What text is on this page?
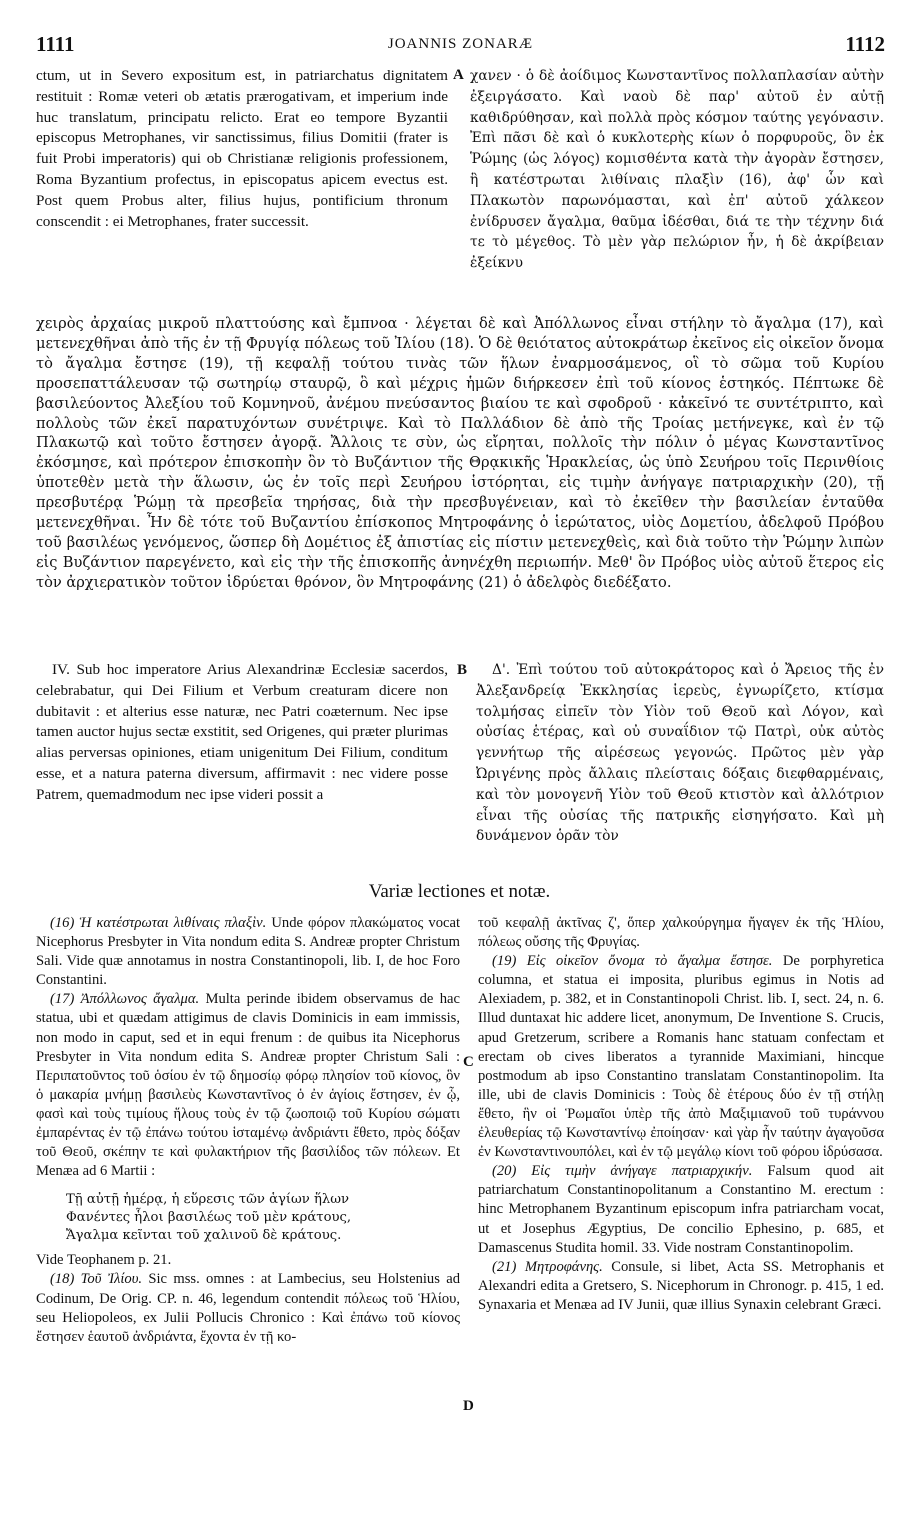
1111	JOANNIS ZONARÆ	1112

ctum, ut in Severo expositum est, in patriarchatus dignitatem restituit : Romæ veteri ob ætatis prærogativam, et imperium inde huc translatum, principatu relicto. Erat eo tempore Byzantii episcopus Metrophanes, vir sanctissimus, filius Domitii (frater is fuit Probi imperatoris) qui ob Christianæ religionis professionem, Roma Byzantium profectus, in episcopatus apicem evectus est. Post quem Probus alter, filius hujus, pontificium thronum conscendit : ei Metrophanes, frater successit.

A χανεν · ὁ δὲ ἀοίδιμος Κωνσταντῖνος πολλαπλασίαν αὐτὴν ἐξειργάσατο. Καὶ ναοὺ δὲ παρ' αὐτοῦ ἐν αὐτῇ καθιδρύθησαν, καὶ πολλὰ πρὸς κόσμον ταύτης γεγόνασιν. Ἐπὶ πᾶσι δὲ καὶ ὁ κυκλοτερὴς κίων ὁ πορφυροῦς, ὃν ἐκ Ῥώμης (ὡς λόγος) κομισθέντα κατὰ τὴν ἀγορὰν ἔστησεν, ἣ κατέστρωται λιθίναις πλαξὶν (16), ἀφ' ὧν καὶ Πλακωτὸν παρωνόμασται, καὶ ἐπ' αὐτοῦ χάλκεον ἐνίδρυσεν ἄγαλμα, θαῦμα ἰδέσθαι, διά τε τὴν τέχνην διά τε τὸ μέγεθος. Τὸ μὲν γὰρ πελώριον ἦν, ἡ δὲ ἀκρίβειαν ἐξείκνυ

χειρὸς ἀρχαίας μικροῦ πλαττούσης καὶ ἔμπνοα · λέγεται δὲ καὶ Ἀπόλλωνος εἶναι στήλην τὸ ἄγαλμα (17), καὶ μετενεχθῆναι ἀπὸ τῆς ἐν τῇ Φρυγίᾳ πόλεως τοῦ Ἰλίου (18). Ὁ δὲ θειότατος αὐτοκράτωρ ἐκεῖνος εἰς οἰκεῖον ὄνομα τὸ ἄγαλμα ἔστησε (19), τῇ κεφαλῇ τούτου τινὰς τῶν ἥλων ἐναρμοσάμενος, οἳ τὸ σῶμα τοῦ Κυρίου προσεπαττάλευσαν τῷ σωτηρίῳ σταυρῷ, ὃ καὶ μέχρις ἡμῶν διήρκεσεν ἐπὶ τοῦ κίονος ἑστηκός. Πέπτωκε δὲ βασιλεύοντος Ἀλεξίου τοῦ Κομνηνοῦ, ἀνέμου πνεύσαντος βιαίου τε καὶ σφοδροῦ · κἀκεῖνό τε συντέτριπτο, καὶ πολλοὺς τῶν ἐκεῖ παρατυχόντων συνέτριψε. Καὶ τὸ Παλλάδιον δὲ ἀπὸ τῆς Τροίας μετήνεγκε, καὶ ἐν τῷ Πλακωτῷ καὶ τοῦτο ἔστησεν ἀγορᾷ. Ἄλλοις τε σὺν, ὡς εἴρηται, πολλοῖς τὴν πόλιν ὁ μέγας Κωνσταντῖνος ἐκόσμησε, καὶ πρότερον ἐπισκοπὴν ὂν τὸ Βυζάντιον τῆς Θρᾳκικῆς Ἡρακλείας, ὡς ὑπὸ Σευήρου τοῖς Περινθίοις ὑποτεθὲν μετὰ τὴν ἅλωσιν, ὡς ἐν τοῖς περὶ Σευήρου ἱστόρηται, εἰς τιμὴν ἀνήγαγε πατριαρχικὴν (20), τῇ πρεσβυτέρᾳ Ῥώμῃ τὰ πρεσβεῖα τηρήσας, διὰ τὴν πρεσβυγένειαν, καὶ τὸ ἐκεῖθεν τὴν βασιλείαν ἐνταῦθα μετενεχθῆναι. Ἦν δὲ τότε τοῦ Βυζαντίου ἐπίσκοπος Μητροφάνης ὁ ἱερώτατος, υἱὸς Δομετίου, ἀδελφοῦ Πρόβου τοῦ βασιλέως γενόμενος, ὥσπερ δὴ Δομέτιος ἐξ ἀπιστίας εἰς πίστιν μετενεχθεὶς, καὶ διὰ τοῦτο τὴν Ῥώμην λιπὼν εἰς Βυζάντιον παρεγένετο, καὶ εἰς τὴν τῆς ἐπισκοπῆς ἀνηνέχθη περιωπήν. Μεθ' ὃν Πρόβος υἱὸς αὐτοῦ ἕτερος εἰς τὸν ἀρχιερατικὸν τοῦτον ἱδρύεται θρόνον, ὃν Μητροφάνης (21) ὁ ἀδελφὸς διεδέξατο.

IV. Sub hoc imperatore Arius Alexandrinæ Ecclesiæ sacerdos, celebrabatur, qui Dei Filium et Verbum creaturam dicere non dubitavit : et alterius esse naturæ, nec Patri coæternum. Nec ipse tamen auctor hujus sectæ exstitit, sed Origenes, qui præter plurimas alias perversas opiniones, etiam unigenitum Dei Filium, conditum esse, et a natura paterna diversum, affirmavit : nec videre posse Patrem, quemadmodum nec ipse videri possit a

B	Δ'. Ἐπὶ τούτου τοῦ αὐτοκράτορος καὶ ὁ Ἄρειος τῆς ἐν Ἀλεξανδρείᾳ Ἐκκλησίας ἱερεὺς, ἐγνωρίζετο, κτίσμα τολμήσας εἰπεῖν τὸν Υἱὸν τοῦ Θεοῦ καὶ Λόγον, καὶ οὐσίας ἑτέρας, καὶ οὐ συναΐδιον τῷ Πατρὶ, οὐκ αὐτὸς γεννήτωρ τῆς αἱρέσεως γεγονώς. Πρῶτος μὲν γὰρ Ὠριγένης πρὸς ἄλλαις πλείσταις δόξαις διεφθαρμέναις, καὶ τὸν μονογενῆ Υἱὸν τοῦ Θεοῦ κτιστὸν καὶ ἀλλότριον εἶναι τῆς οὐσίας τῆς πατρικῆς εἰσηγήσατο. Καὶ μὴ δυνάμενον ὁρᾶν τὸν

Variæ lectiones et notæ.

(16) Ἡ κατέστρωται λιθίναις πλαξὶν. Unde φόρον πλακώματος vocat Nicephorus Presbyter in Vita nondum edita S. Andreæ propter Christum Sali. Vide quæ annotamus in nostra Constantinopoli, lib. I, de hoc Foro Constantini.

(17) Ἀπόλλωνος ἄγαλμα. Multa perinde ibidem observamus de hac statua, ubi et quædam attigimus de clavis Dominicis in eam immissis, non modo in caput, sed et in equi frenum : de quibus ita Nicephorus Presbyter in Vita nondum edita S. Andreæ propter Christum Sali : Περιπατοῦντος τοῦ ὁσίου ἐν τῷ δημοσίῳ φόρῳ πλησίον τοῦ κίονος, ὃν ὁ μακαρία μνήμῃ βασιλεὺς Κωνσταντῖνος ὁ ἐν ἁγίοις ἔστησεν, ἐν ᾧ, φασὶ καὶ τοὺς τιμίους ἥλους τοὺς ἐν τῷ ζωοποιῷ τοῦ Κυρίου σώματι ἐμπαρέντας ἐν τῷ ἐπάνω τούτου ἱσταμένῳ ἀνδριάντι ἔθετο, πρὸς δόξαν τοῦ Θεοῦ, σκέπην τε καὶ φυλακτήριον τῆς βασιλίδος τῶν πόλεων. Et Menæa ad 6 Martii :

Τῇ αὐτῇ ἡμέρᾳ, ἡ εὕρεσις τῶν ἁγίων ἥλων
Φανέντες ἧλοι βασιλέως τοῦ μὲν κράτους,
Ἄγαλμα κεῖνται τοῦ χαλινοῦ δὲ κράτους.

Vide Teophanem p. 21.

(18) Τοῦ Ἰλίου. Sic mss. omnes : at Lambecius, seu Holstenius ad Codinum, De Orig. CP. n. 46, legendum contendit πόλεως τοῦ Ἡλίου, seu Heliopoleos, ex Julii Pollucis Chronico : Καὶ ἐπάνω τοῦ κίονος ἔστησεν ἑαυτοῦ ἀνδριάντα, ἔχοντα ἐν τῇ κο-

C
D

τοῦ κεφαλῇ ἀκτῖνας ζ', ὅπερ χαλκούργημα ἤγαγεν ἐκ τῆς Ἡλίου, πόλεως οὔσης τῆς Φρυγίας.

(19) Εἰς οἰκεῖον ὄνομα τὸ ἄγαλμα ἔστησε. De porphyretica columna, et statua ei imposita, pluribus egimus in Notis ad Alexiadem, p. 382, et in Constantinopoli Christ. lib. I, sect. 24, n. 6. Illud duntaxat hic addere licet, anonymum, De Inventione S. Crucis, apud Gretzerum, scribere a Romanis hanc statuam confectam et erectam ob cives liberatos a tyrannide Maximiani, hincque postmodum ab ipso Constantino translatam Constantinopolim. Ita ille, ubi de clavis Dominicis : Τοὺς δὲ ἑτέρους δύο ἐν τῇ στήλῃ ἔθετο, ἣν οἱ Ῥωμαῖοι ὑπὲρ τῆς ἀπὸ Μαξιμιανοῦ τοῦ τυράννου ἐλευθερίας τῷ Κωνσταντίνῳ ἐποίησαν· καὶ γὰρ ἦν ταύτην ἀγαγοῦσα ἐν Κωνσταντινουπόλει, καὶ ἐν τῷ μεγάλῳ κίονι τοῦ φόρου ἱδρύσασα.

(20) Εἰς τιμὴν ἀνήγαγε πατριαρχικήν. Falsum quod ait patriarchatum Constantinopolitanum a Constantino M. erectum : hinc Metrophanem Byzantinum episcopum infra patriarcham vocat, ut et Josephus Ægyptius, De concilio Ephesino, p. 685, et Damascenus Studita homil. 33. Vide nostram Constantinopolim.

(21) Μητροφάνης. Consule, si libet, Acta SS. Metrophanis et Alexandri edita a Gretsero, S. Nicephorum in Chronogr. p. 415, 1 ed. Synaxaria et Menæa ad IV Junii, quæ illius Synaxin celebrant Græci.
